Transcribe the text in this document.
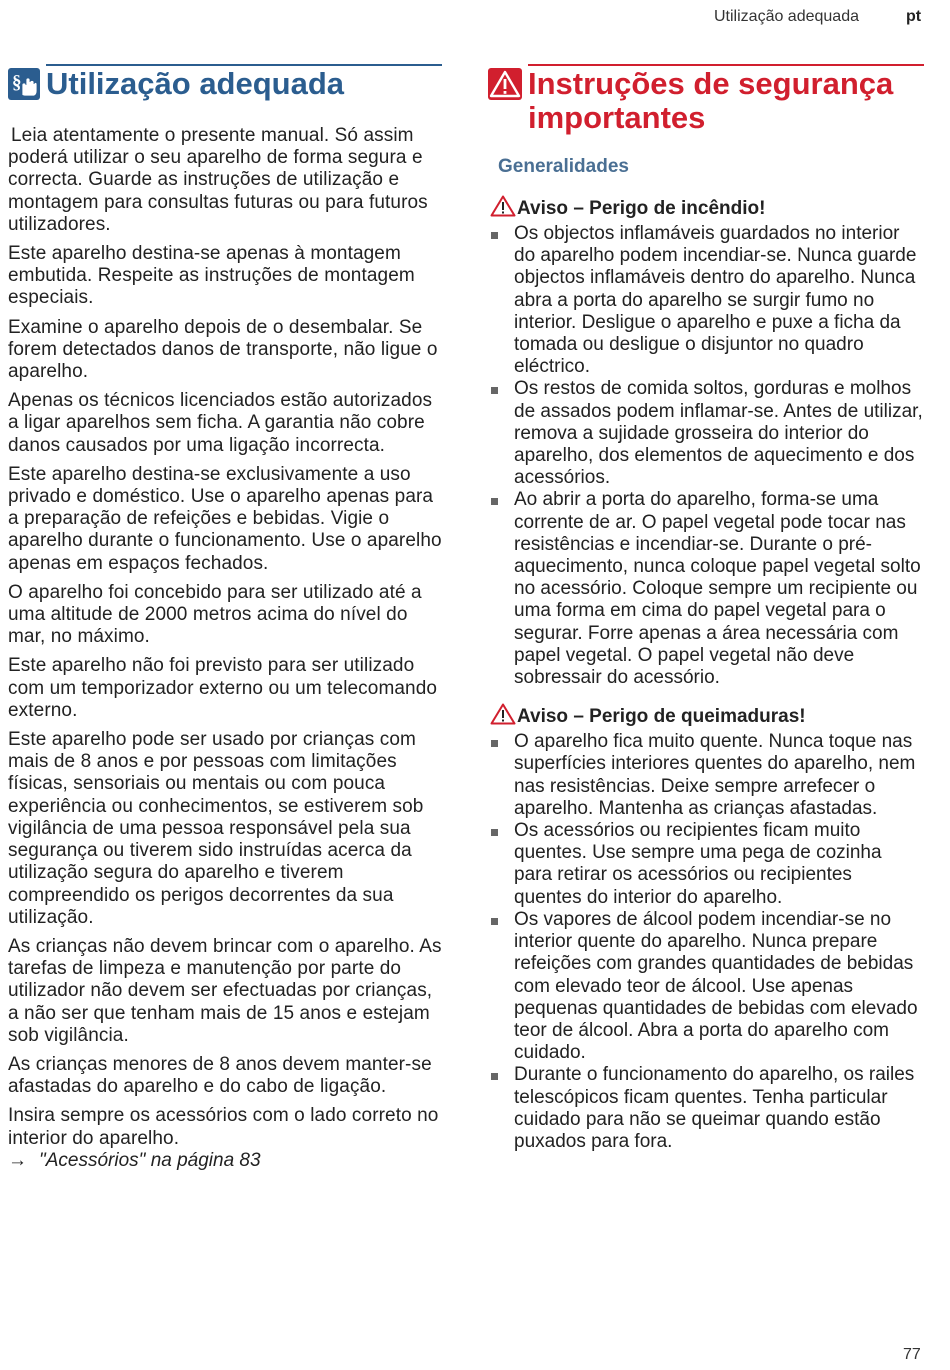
Utilização adequada	pt
§ Utilização adequada

Leia atentamente o presente manual. Só assim poderá utilizar o seu aparelho de forma segura e correcta. Guarde as instruções de utilização e montagem para consultas futuras ou para futuros utilizadores.

Este aparelho destina-se apenas à montagem embutida. Respeite as instruções de montagem especiais.

Examine o aparelho depois de o desembalar. Se forem detectados danos de transporte, não ligue o aparelho.

Apenas os técnicos licenciados estão autorizados a ligar aparelhos sem ficha. A garantia não cobre danos causados por uma ligação incorrecta.

Este aparelho destina-se exclusivamente a uso privado e doméstico. Use o aparelho apenas para a preparação de refeições e bebidas. Vigie o aparelho durante o funcionamento. Use o aparelho apenas em espaços fechados.

O aparelho foi concebido para ser utilizado até a uma altitude de 2000 metros acima do nível do mar, no máximo.

Este aparelho não foi previsto para ser utilizado com um temporizador externo ou um telecomando externo.

Este aparelho pode ser usado por crianças com mais de 8 anos e por pessoas com limitações físicas, sensoriais ou mentais ou com pouca experiência ou conhecimentos, se estiverem sob vigilância de uma pessoa responsável pela sua segurança ou tiverem sido instruídas acerca da utilização segura do aparelho e tiverem compreendido os perigos decorrentes da sua utilização.

As crianças não devem brincar com o aparelho. As tarefas de limpeza e manutenção por parte do utilizador não devem ser efectuadas por crianças, a não ser que tenham mais de 15 anos e estejam sob vigilância.

As crianças menores de 8 anos devem manter-se afastadas do aparelho e do cabo de ligação.

Insira sempre os acessórios com o lado correto no interior do aparelho.

→ "Acessórios" na página 83
Instruções de segurança
importantes
Generalidades
Aviso – Perigo de incêndio!
Os objectos inflamáveis guardados no interior do aparelho podem incendiar-se. Nunca guarde objectos inflamáveis dentro do aparelho. Nunca abra a porta do aparelho se surgir fumo no interior. Desligue o aparelho e puxe a ficha da tomada ou desligue o disjuntor no quadro eléctrico.
Os restos de comida soltos, gorduras e molhos de assados podem inflamar-se. Antes de utilizar, remova a sujidade grosseira do interior do aparelho, dos elementos de aquecimento e dos acessórios.
Ao abrir a porta do aparelho, forma-se uma corrente de ar. O papel vegetal pode tocar nas resistências e incendiar-se. Durante o pré-aquecimento, nunca coloque papel vegetal solto no acessório. Coloque sempre um recipiente ou uma forma em cima do papel vegetal para o segurar. Forre apenas a área necessária com papel vegetal. O papel vegetal não deve sobressair do acessório.
Aviso – Perigo de queimaduras!
O aparelho fica muito quente. Nunca toque nas superfícies interiores quentes do aparelho, nem nas resistências. Deixe sempre arrefecer o aparelho. Mantenha as crianças afastadas.
Os acessórios ou recipientes ficam muito quentes. Use sempre uma pega de cozinha para retirar os acessórios ou recipientes quentes do interior do aparelho.
Os vapores de álcool podem incendiar-se no interior quente do aparelho. Nunca prepare refeições com grandes quantidades de bebidas com elevado teor de álcool. Use apenas pequenas quantidades de bebidas com elevado teor de álcool. Abra a porta do aparelho com cuidado.
Durante o funcionamento do aparelho, os railes telescópicos ficam quentes. Tenha particular cuidado para não se queimar quando estão puxados para fora.
77
